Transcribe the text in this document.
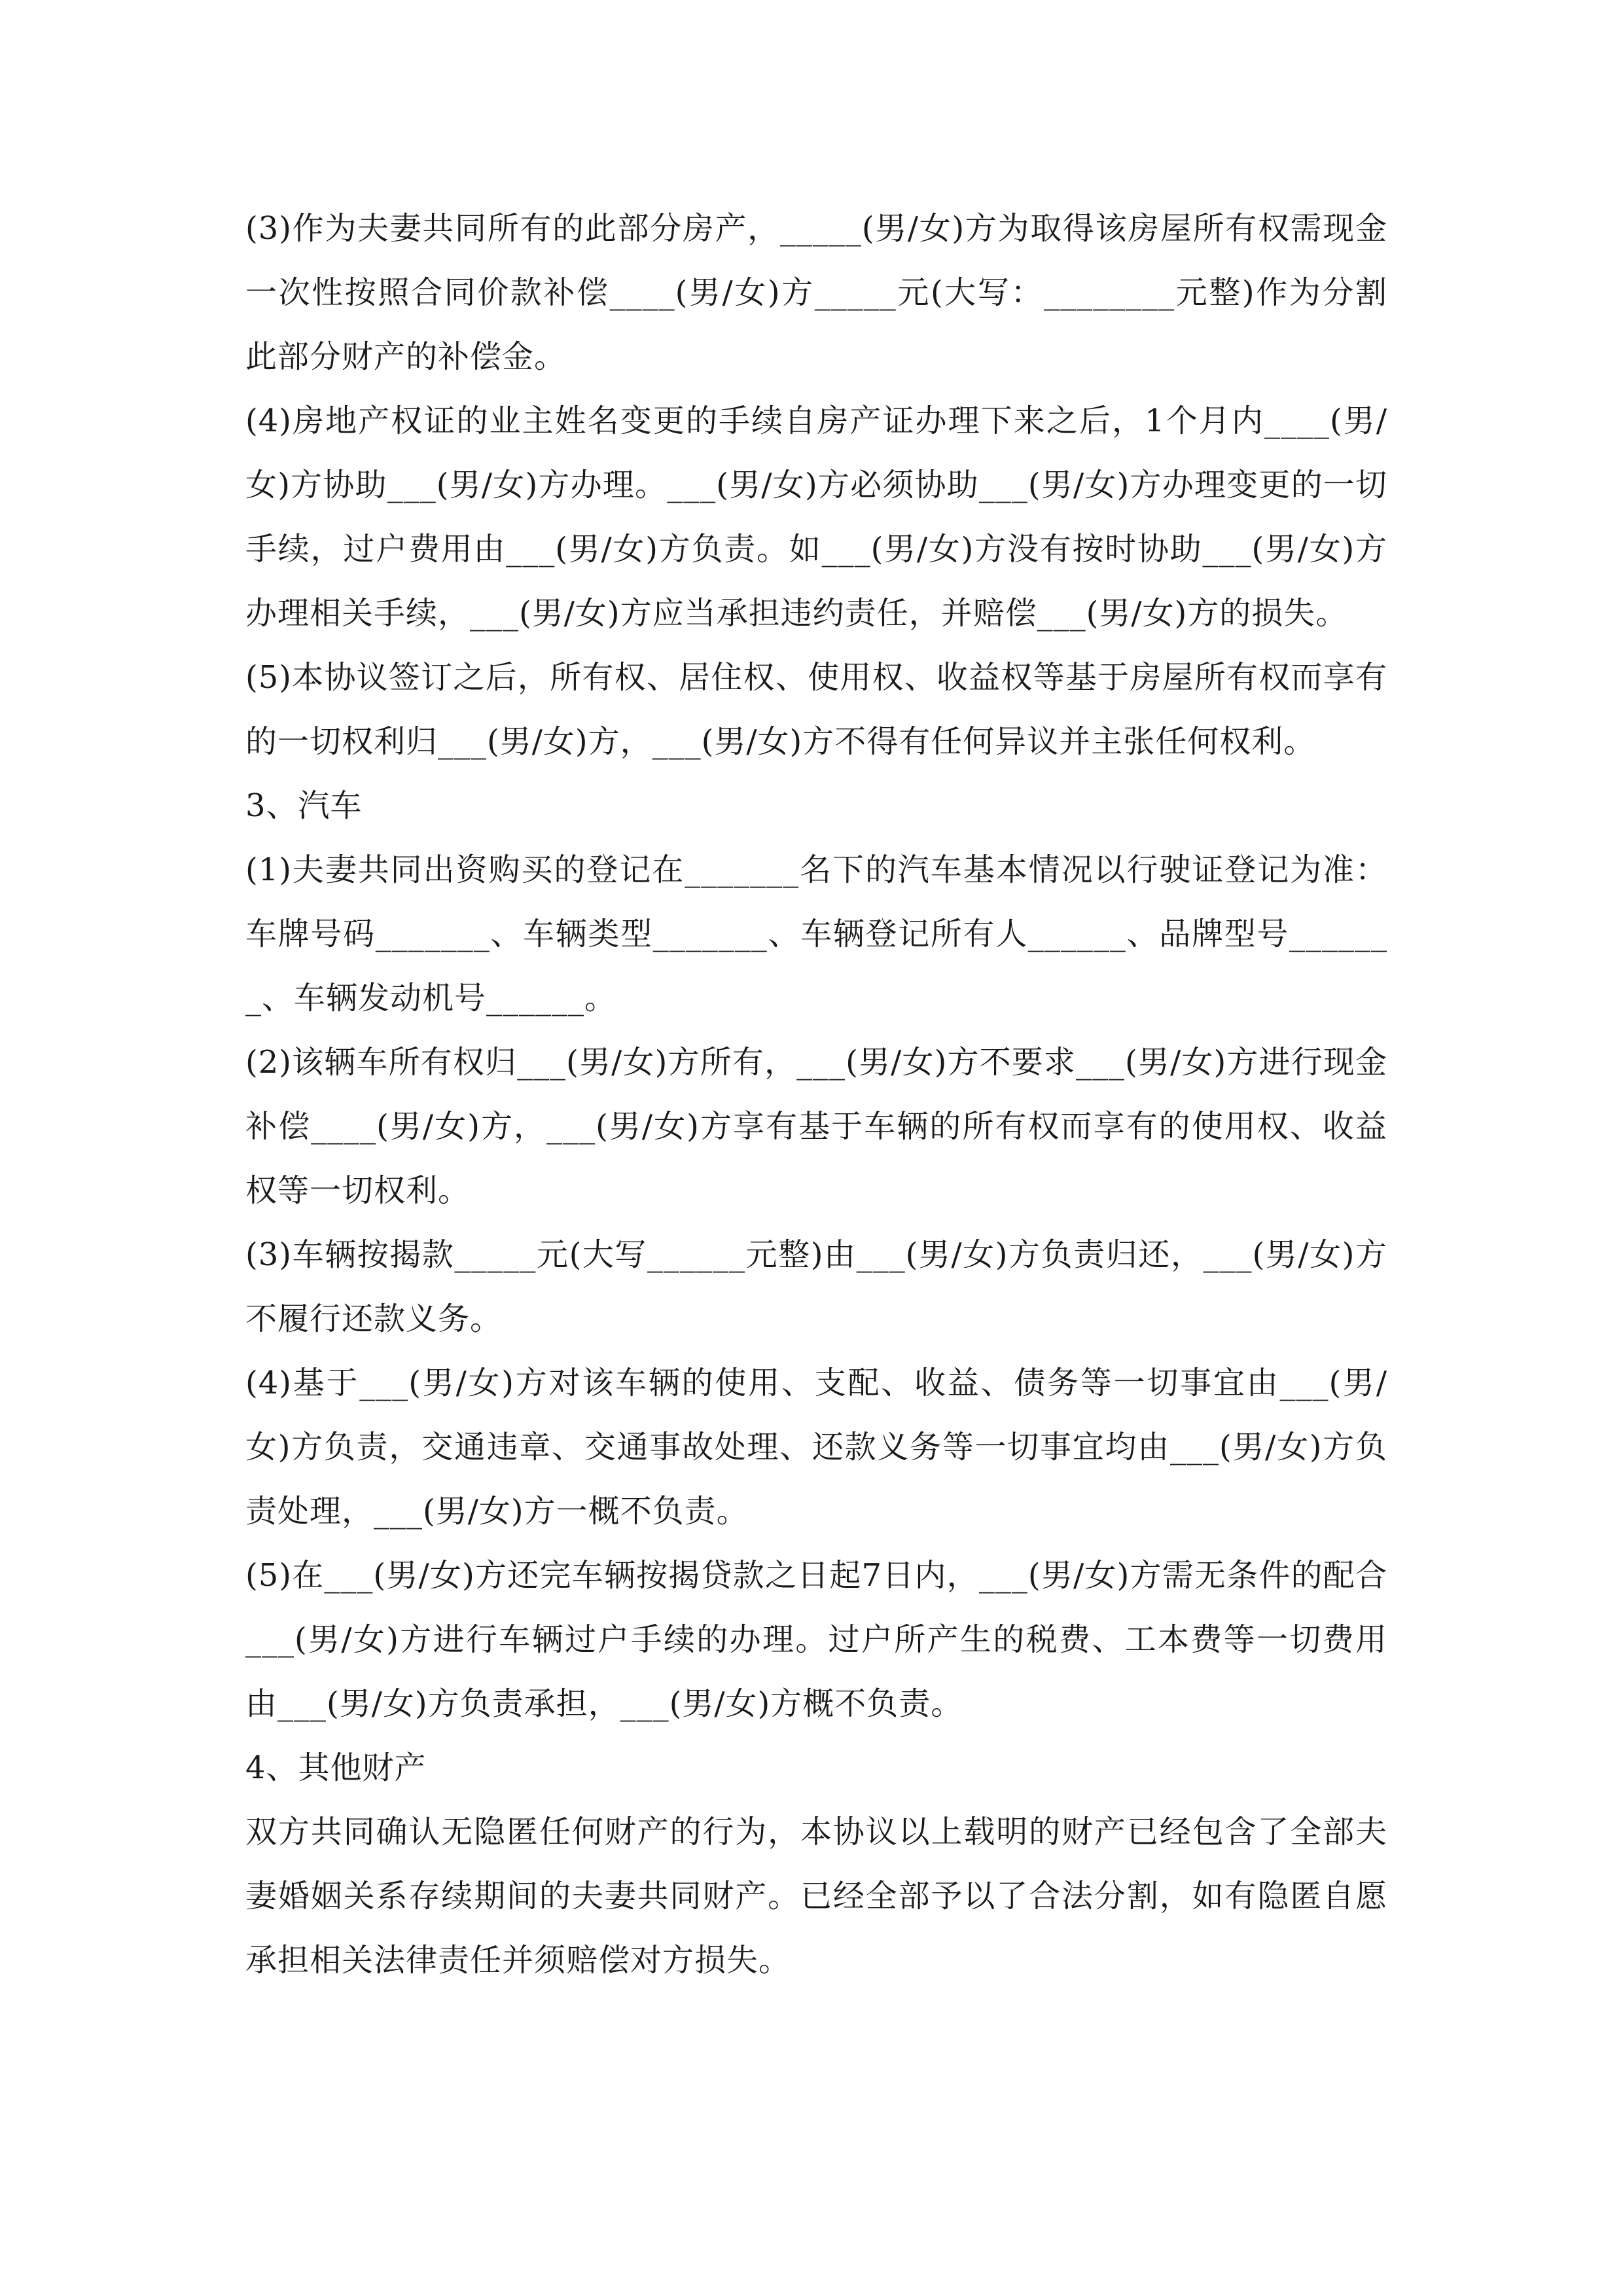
(3)作为夫妻共同所有的此部分房产，_____(男/女)方为取得该房屋所有权需现金一次性按照合同价款补偿____(男/女)方_____元(大写：________元整)作为分割此部分财产的补偿金。

(4)房地产权证的业主姓名变更的手续自房产证办理下来之后，1个月内____(男/女)方协助___(男/女)方办理。___(男/女)方必须协助___(男/女)方办理变更的一切手续，过户费用由___(男/女)方负责。如___(男/女)方没有按时协助___(男/女)方办理相关手续，___(男/女)方应当承担违约责任，并赔偿___(男/女)方的损失。

(5)本协议签订之后，所有权、居住权、使用权、收益权等基于房屋所有权而享有的一切权利归___(男/女)方，___(男/女)方不得有任何异议并主张任何权利。

3、汽车

(1)夫妻共同出资购买的登记在_______名下的汽车基本情况以行驶证登记为准：车牌号码_______、车辆类型_______、车辆登记所有人______、品牌型号_______、车辆发动机号______。

(2)该辆车所有权归___(男/女)方所有，___(男/女)方不要求___(男/女)方进行现金补偿____(男/女)方，___(男/女)方享有基于车辆的所有权而享有的使用权、收益权等一切权利。

(3)车辆按揭款_____元(大写______元整)由___(男/女)方负责归还，___(男/女)方不履行还款义务。

(4)基于___(男/女)方对该车辆的使用、支配、收益、债务等一切事宜由___(男/女)方负责，交通违章、交通事故处理、还款义务等一切事宜均由___(男/女)方负责处理，___(男/女)方一概不负责。

(5)在___(男/女)方还完车辆按揭贷款之日起7日内，___(男/女)方需无条件的配合___(男/女)方进行车辆过户手续的办理。过户所产生的税费、工本费等一切费用由___(男/女)方负责承担，___(男/女)方概不负责。

4、其他财产

双方共同确认无隐匿任何财产的行为，本协议以上载明的财产已经包含了全部夫妻婚姻关系存续期间的夫妻共同财产。已经全部予以了合法分割，如有隐匿自愿承担相关法律责任并须赔偿对方损失。
